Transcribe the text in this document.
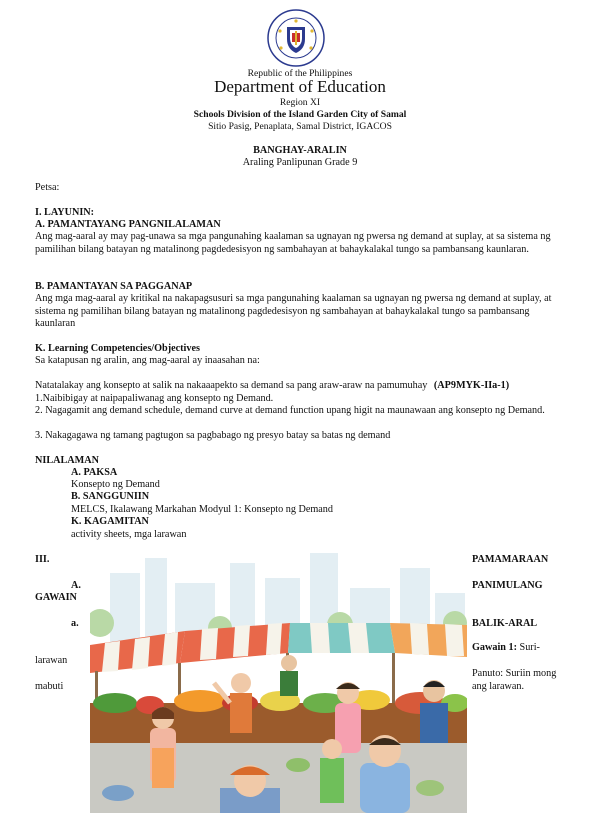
Republic of the Philippines
Department of Education
Region XI
Schools Division of the Island Garden City of Samal
Sitio Pasig, Penaplata, Samal District, IGACOS
BANGHAY-ARALIN
Araling Panlipunan Grade 9
Petsa:
I. LAYUNIN:
A. PAMANTAYANG PANGNILALAMAN
Ang mag-aaral ay may pag-unawa sa mga pangunahing kaalaman sa ugnayan ng pwersa ng demand at suplay, at sa sistema ng pamilihan bilang batayan ng matalinong pagdedesisyon ng sambahayan at bahaykalakal tungo sa pambansang kaunlaran.
B. PAMANTAYAN SA PAGGANAP
Ang mga mag-aaral ay kritikal na nakapagsusuri sa mga pangunahing kaalaman sa ugnayan ng pwersa ng demand at suplay, at sistema ng pamilihan bilang batayan ng matalinong pagdedesisyon ng sambahayan at bahaykalakal tungo sa pambansang kaunlaran
K. Learning Competencies/Objectives
Sa katapusan ng aralin, ang mag-aaral ay inaasahan na:
Natatalakay ang konsepto at salik na nakaaapekto sa demand sa pang araw-araw na pamumuhay (AP9MYK-IIa-1)
1.Naibibigay at naipapaliwanag ang konsepto ng Demand.
2. Nagagamit ang demand schedule, demand curve at demand function upang higit na maunawaan ang konsepto ng Demand.
3. Nakagagawa ng tamang pagtugon sa pagbabago ng presyo batay sa batas ng demand
NILALAMAN
A. PAKSA
Konsepto ng Demand
B. SANGGUNIIN
MELCS, Ikalawang Markahan Modyul 1: Konsepto ng Demand
K. KAGAMITAN
activity sheets, mga larawan
III.
A.
GAWAIN
a.
larawan
mabuti
PAMAMARAAN
PANIMULANG
BALIK-ARAL
Gawain 1: Suri-
Panuto: Suriin mong
ang larawan.
